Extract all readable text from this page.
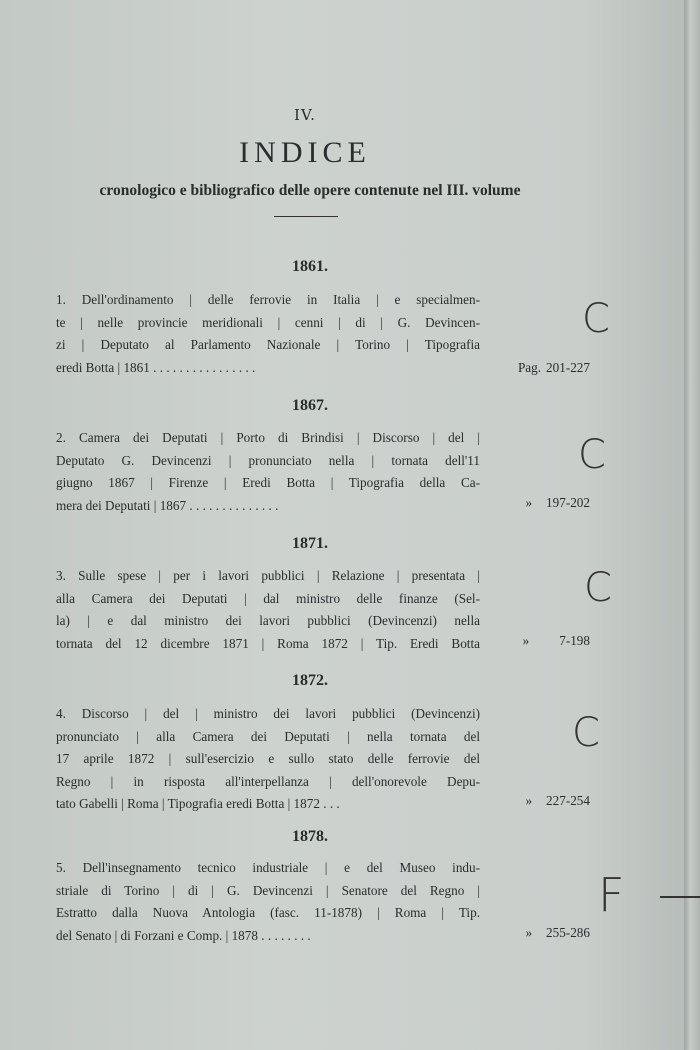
IV.
INDICE
cronologico e bibliografico delle opere contenute nel III. volume
1861.
1. Dell'ordinamento | delle ferrovie in Italia | e specialmen-
te | nelle provincie meridionali | cenni | di | G. Devincen-
zi | Deputato al Parlamento Nazionale | Torino | Tipografia
eredi Botta | 1861 . . . . . . . . . . . . . . . .	Pag. 201-227
1867.
2. Camera dei Deputati | Porto di Brindisi | Discorso | del |
Deputato G. Devincenzi | pronunciato nella | tornata dell'11
giugno 1867 | Firenze | Eredi Botta | Tipografia della Ca-
mera dei Deputati | 1867 . . . . . . . . . . . . . .	» 197-202
1871.
3. Sulle spese | per i lavori pubblici | Relazione | presentata |
alla Camera dei Deputati | dal ministro delle finanze (Sel-
la) | e dal ministro dei lavori pubblici (Devincenzi) nella
tornata del 12 dicembre 1871 | Roma 1872 | Tip. Eredi Botta	» 7-198
1872.
4. Discorso | del | ministro dei lavori pubblici (Devincenzi)
pronunciato | alla Camera dei Deputati | nella tornata del
17 aprile 1872 | sull'esercizio e sullo stato delle ferrovie del
Regno | in risposta all'interpellanza | dell'onorevole Depu-
tato Gabelli | Roma | Tipografia eredi Botta | 1872 . . .	» 227-254
1878.
5. Dell'insegnamento tecnico industriale | e del Museo indu-
striale di Torino | di | G. Devincenzi | Senatore del Regno |
Estratto dalla Nuova Antologia (fasc. 11-1878) | Roma | Tip.
del Senato | di Forzani e Comp. | 1878 . . . . . . . .	» 255-286
C
C
C
C
F
